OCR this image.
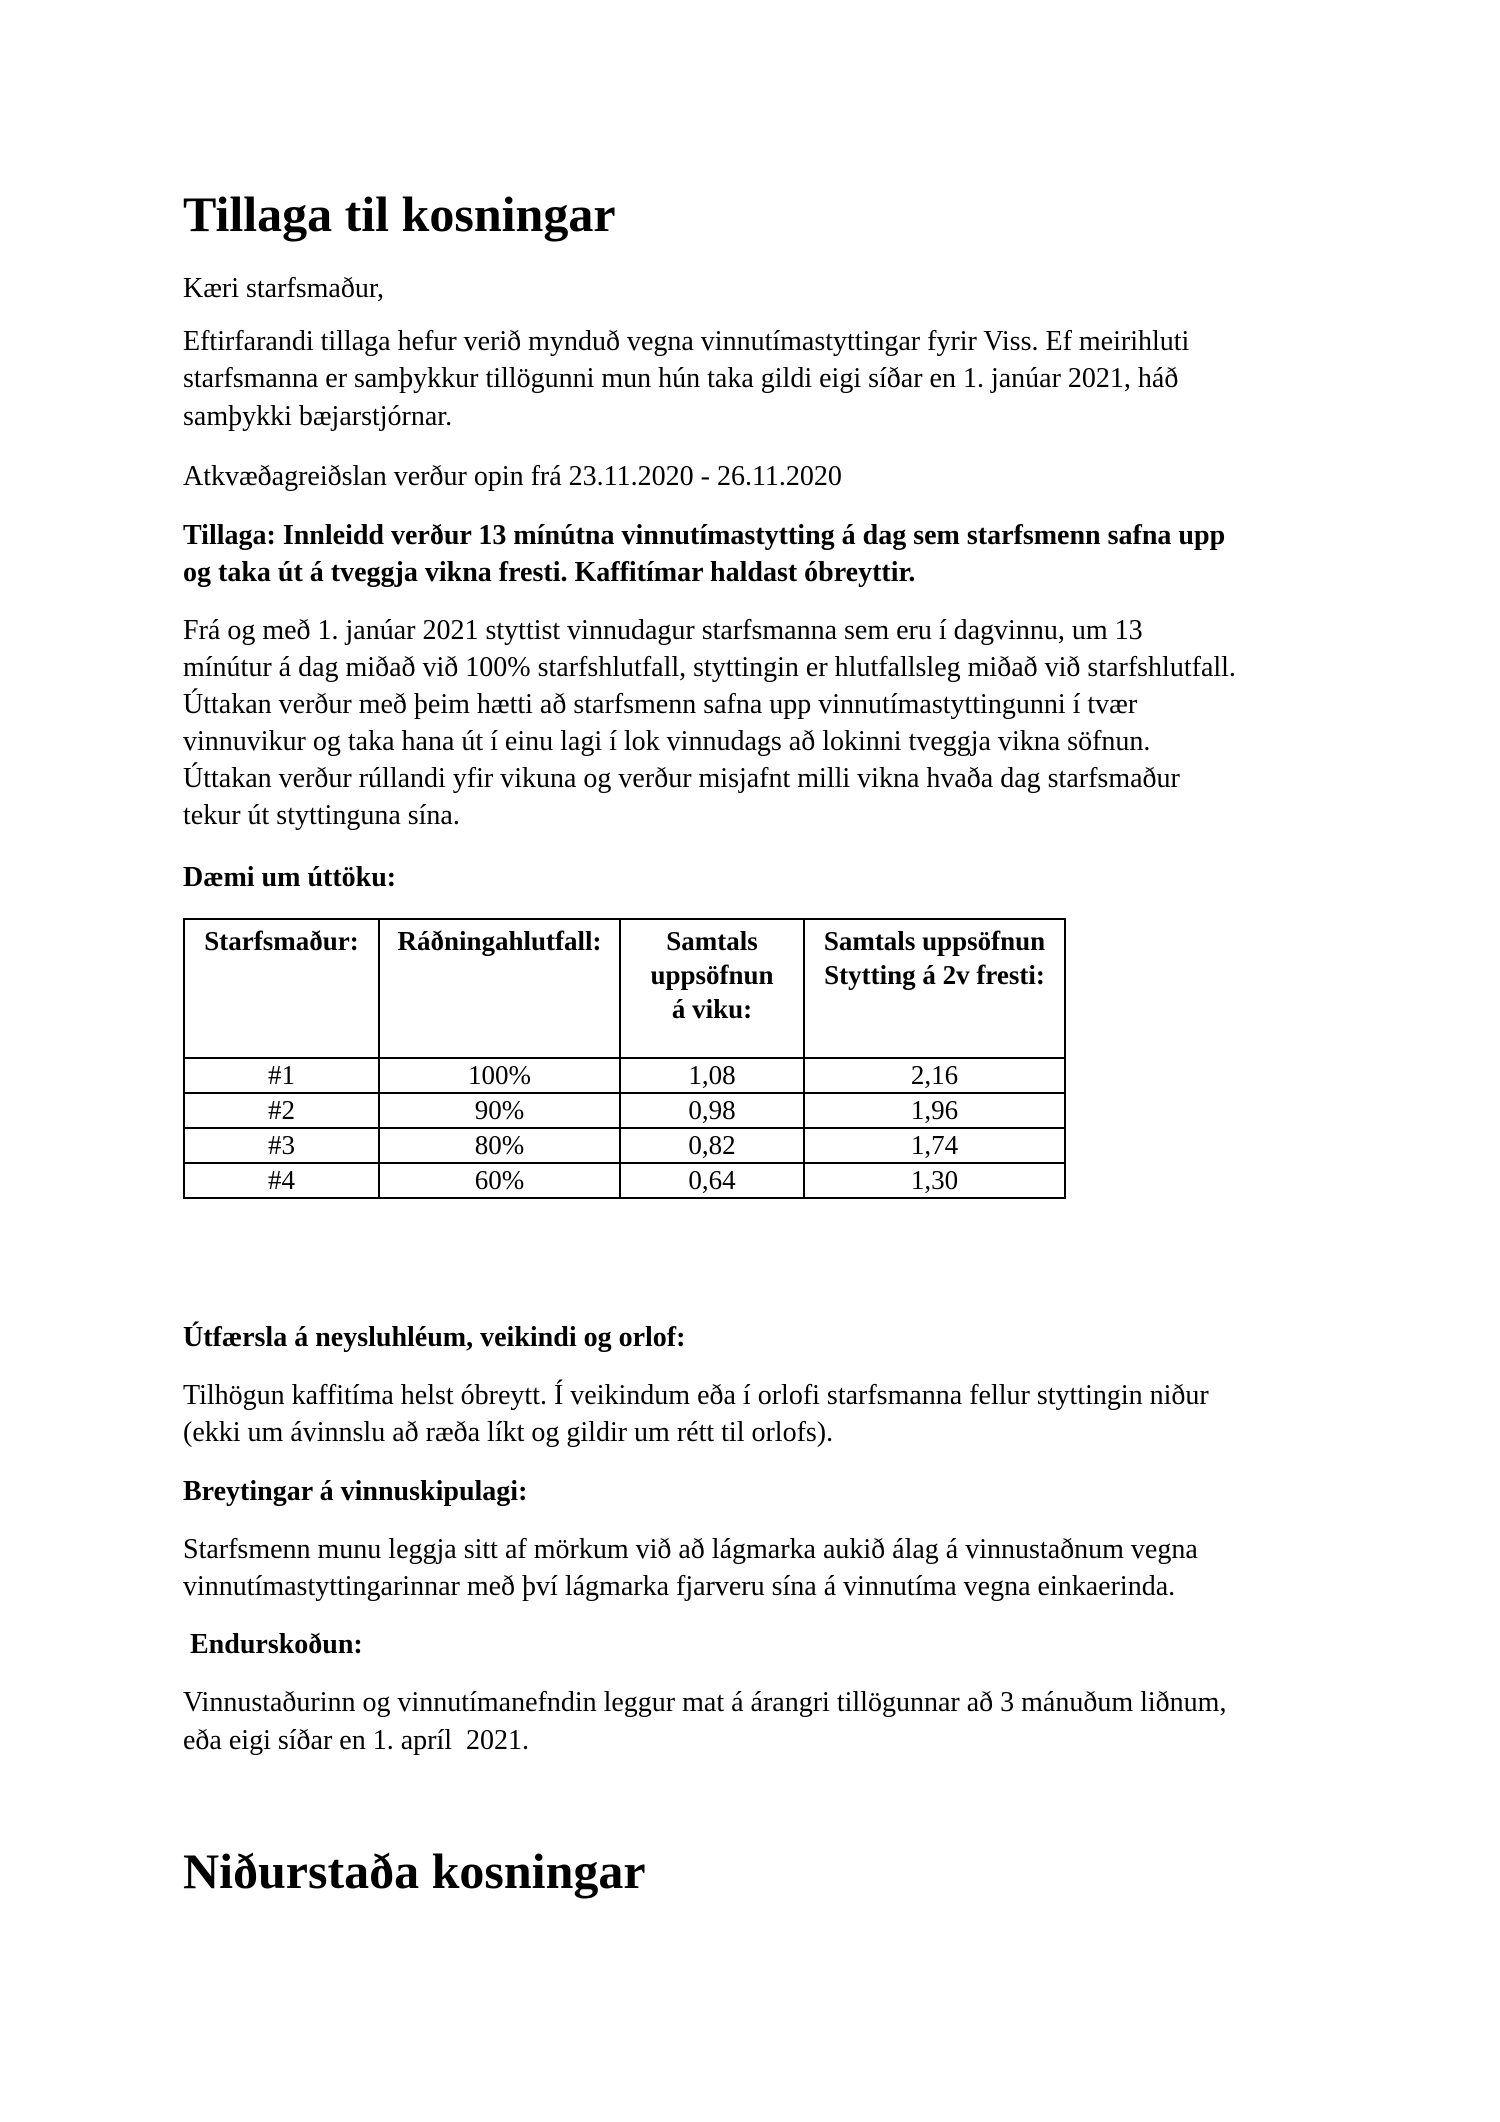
Tillaga til kosningar
Kæri starfsmaður,
Eftirfarandi tillaga hefur verið mynduð vegna vinnutímastyttingar fyrir Viss. Ef meirihluti
starfsmanna er samþykkur tillögunni mun hún taka gildi eigi síðar en 1. janúar 2021, háð
samþykki bæjarstjórnar.
Atkvæðagreiðslan verður opin frá 23.11.2020 - 26.11.2020
Tillaga: Innleidd verður 13 mínútna vinnutímastytting á dag sem starfsmenn safna upp
og taka út á tveggja vikna fresti. Kaffitímar haldast óbreyttir.
Frá og með 1. janúar 2021 styttist vinnudagur starfsmanna sem eru í dagvinnu, um 13
mínútur á dag miðað við 100% starfshlutfall, styttingin er hlutfallsleg miðað við starfshlutfall.
Úttakan verður með þeim hætti að starfsmenn safna upp vinnutímastyttingunni í tvær
vinnuvikur og taka hana út í einu lagi í lok vinnudags að lokinni tveggja vikna söfnun.
Úttakan verður rúllandi yfir vikuna og verður misjafnt milli vikna hvaða dag starfsmaður
tekur út styttinguna sína.
Dæmi um úttöku:
Starfsmaður:	Ráðningahlutfall:	Samtals
uppsöfnun
á viku:	Samtals uppsöfnun
Stytting á 2v fresti:
#1	100%	1,08	2,16
#2	90%	0,98	1,96
#3	80%	0,82	1,74
#4	60%	0,64	1,30
Útfærsla á neysluhléum, veikindi og orlof:
Tilhögun kaffitíma helst óbreytt. Í veikindum eða í orlofi starfsmanna fellur styttingin niður
(ekki um ávinnslu að ræða líkt og gildir um rétt til orlofs).
Breytingar á vinnuskipulagi:
Starfsmenn munu leggja sitt af mörkum við að lágmarka aukið álag á vinnustaðnum vegna
vinnutímastyttingarinnar með því lágmarka fjarveru sína á vinnutíma vegna einkaerinda.
Endurskoðun:
Vinnustaðurinn og vinnutímanefndin leggur mat á árangri tillögunnar að 3 mánuðum liðnum,
eða eigi síðar en 1. apríl  2021.
Niðurstaða kosningar
